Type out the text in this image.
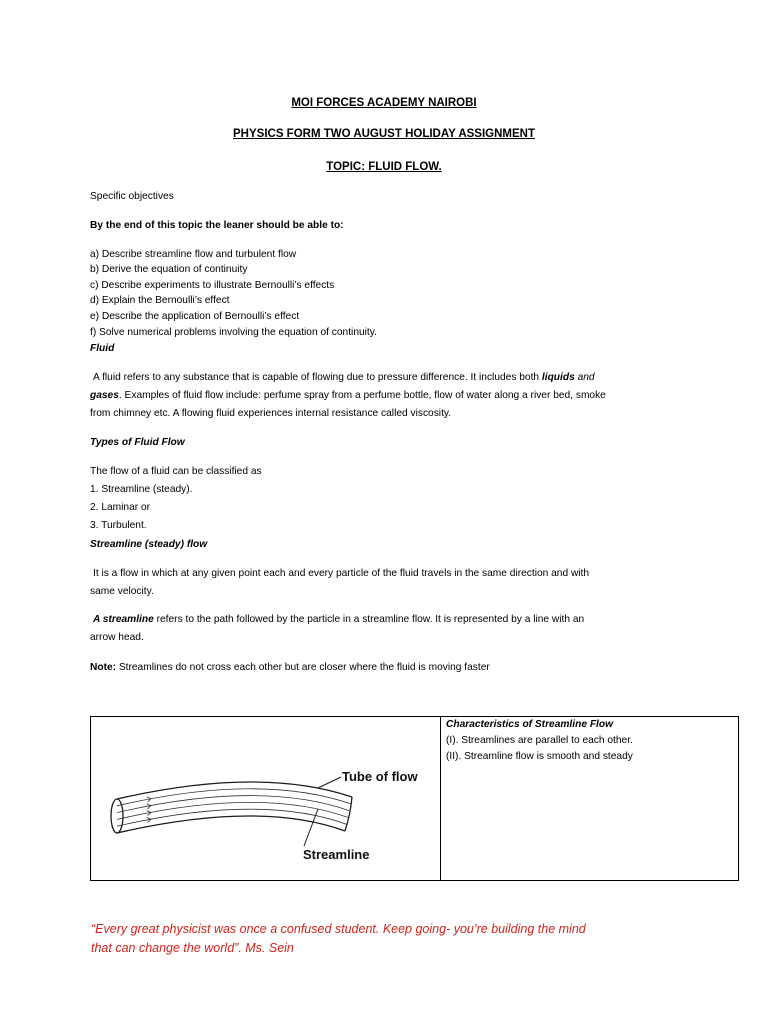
MOI FORCES ACADEMY NAIROBI
PHYSICS FORM TWO AUGUST HOLIDAY ASSIGNMENT
TOPIC: FLUID FLOW.
Specific objectives
By the end of this topic the leaner should be able to:
a) Describe streamline flow and turbulent flow
b) Derive the equation of continuity
c) Describe experiments to illustrate Bernoulli’s effects
d) Explain the Bernoulli’s effect
e) Describe the application of Bernoulli’s effect
f) Solve numerical problems involving the equation of continuity.
Fluid
A fluid refers to any substance that is capable of flowing due to pressure difference. It includes both liquids and
gases. Examples of fluid flow include: perfume spray from a perfume bottle, flow of water along a river bed, smoke
from chimney etc. A flowing fluid experiences internal resistance called viscosity.
Types of Fluid Flow
The flow of a fluid can be classified as
1. Streamline (steady).
2. Laminar or
3. Turbulent.
Streamline (steady) flow
It is a flow in which at any given point each and every particle of the fluid travels in the same direction and with
same velocity.
A streamline refers to the path followed by the particle in a streamline flow. It is represented by a line with an
arrow head.
Note: Streamlines do not cross each other but are closer where the fluid is moving faster
Tube of flow
Streamline
Characteristics of Streamline Flow
(I). Streamlines are parallel to each other.
(II). Streamline flow is smooth and steady
“Every great physicist was once a confused student. Keep going- you’re building the mind
that can change the world”. Ms. Sein
